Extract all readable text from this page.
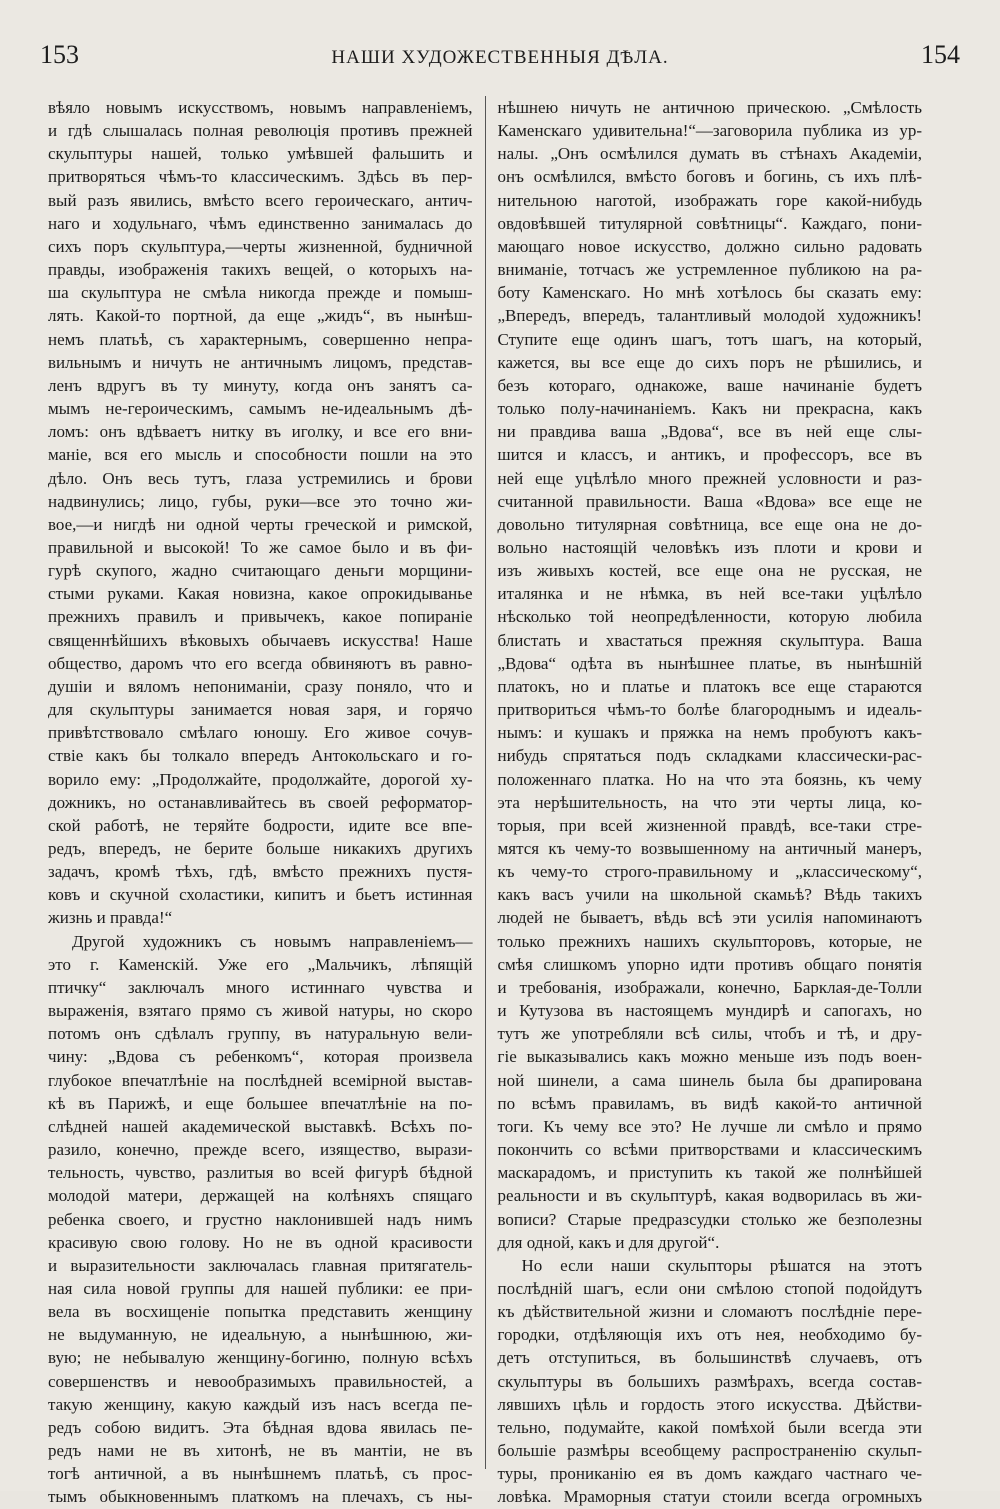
153	НАШИ ХУДОЖЕСТВЕННЫЯ ДѢЛА.	154
вѣяло новымъ искусствомъ, новымъ направленіемъ,
и гдѣ слышалась полная революція противъ прежней
скульптуры нашей, только умѣвшей фальшить и
притворяться чѣмъ-то классическимъ. Здѣсь въ пер-
вый разъ явились, вмѣсто всего героическаго, антич-
наго и ходульнаго, чѣмъ единственно занималась до
сихъ поръ скульптура,—черты жизненной, будничной
правды, изображенія такихъ вещей, о которыхъ на-
ша скульптура не смѣла никогда прежде и помыш-
лять. Какой-то портной, да еще „жидъ“, въ нынѣш-
немъ платьѣ, съ характернымъ, совершенно непра-
вильнымъ и ничуть не античнымъ лицомъ, представ-
ленъ вдругъ въ ту минуту, когда онъ занятъ са-
мымъ не-героическимъ, самымъ не-идеальнымъ дѣ-
ломъ: онъ вдѣваетъ нитку въ иголку, и все его вни-
маніе, вся его мысль и способности пошли на это
дѣло. Онъ весь тутъ, глаза устремились и брови
надвинулись; лицо, губы, руки—все это точно жи-
вое,—и нигдѣ ни одной черты греческой и римской,
правильной и высокой! То же самое было и въ фи-
гурѣ скупого, жадно считающаго деньги морщини-
стыми руками. Какая новизна, какое опрокидыванье
прежнихъ правилъ и привычекъ, какое попираніе
священнѣйшихъ вѣковыхъ обычаевъ искусства! Наше
общество, даромъ что его всегда обвиняютъ въ равно-
душіи и вяломъ непониманіи, сразу поняло, что и
для скульптуры занимается новая заря, и горячо
привѣтствовало смѣлаго юношу. Его живое сочув-
ствіе какъ бы толкало впередъ Антокольскаго и го-
ворило ему: „Продолжайте, продолжайте, дорогой ху-
дожникъ, но останавливайтесь въ своей реформатор-
ской работѣ, не теряйте бодрости, идите все впе-
редъ, впередъ, не берите больше никакихъ другихъ
задачъ, кромѣ тѣхъ, гдѣ, вмѣсто прежнихъ пустя-
ковъ и скучной схоластики, кипитъ и бьетъ истинная
жизнь и правда!“
Другой художникъ съ новымъ направленіемъ—
это г. Каменскій. Уже его „Мальчикъ, лѣпящій
птичку“ заключалъ много истиннаго чувства и
выраженія, взятаго прямо съ живой натуры, но скоро
потомъ онъ сдѣлалъ группу, въ натуральную вели-
чину: „Вдова съ ребенкомъ“, которая произвела
глубокое впечатлѣніе на послѣдней всемірной выстав-
кѣ въ Парижѣ, и еще большее впечатлѣніе на по-
слѣдней нашей академической выставкѣ. Всѣхъ по-
разило, конечно, прежде всего, изящество, вырази-
тельность, чувство, разлитыя во всей фигурѣ бѣдной
молодой матери, держащей на колѣняхъ спящаго
ребенка своего, и грустно наклонившей надъ нимъ
красивую свою голову. Но не въ одной красивости
и выразительности заключалась главная притягатель-
ная сила новой группы для нашей публики: ее при-
вела въ восхищеніе попытка представить женщину
не выдуманную, не идеальную, а нынѣшнюю, жи-
вую; не небывалую женщину-богиню, полную всѣхъ
совершенствъ и невообразимыхъ правильностей, а
такую женщину, какую каждый изъ насъ всегда пе-
редъ собою видитъ. Эта бѣдная вдова явилась пе-
редъ нами не въ хитонѣ, не въ мантіи, не въ
тогѣ античной, а въ нынѣшнемъ платьѣ, съ прос-
тымъ обыкновеннымъ платкомъ на плечахъ, съ ны-
нѣшнею ничуть не античною прическою. „Смѣлость
Каменскаго удивительна!“—заговорила публика из ур-
налы. „Онъ осмѣлился думать въ стѣнахъ Академіи,
онъ осмѣлился, вмѣсто боговъ и богинь, съ ихъ плѣ-
нительною наготой, изображать горе какой-нибудь
овдовѣвшей титулярной совѣтницы“. Каждаго, пони-
мающаго новое искусство, должно сильно радовать
вниманіе, тотчасъ же устремленное публикою на ра-
боту Каменскаго. Но мнѣ хотѣлось бы сказать ему:
„Впередъ, впередъ, талантливый молодой художникъ!
Ступите еще одинъ шагъ, тотъ шагъ, на который,
кажется, вы все еще до сихъ поръ не рѣшились, и
безъ котораго, однакоже, ваше начинаніе будетъ
только полу-начинаніемъ. Какъ ни прекрасна, какъ
ни правдива ваша „Вдова“, все въ ней еще слы-
шится и классъ, и антикъ, и профессоръ, все въ
ней еще уцѣлѣло много прежней условности и раз-
считанной правильности. Ваша «Вдова» все еще не
довольно титулярная совѣтница, все еще она не до-
вольно настоящій человѣкъ изъ плоти и крови и
изъ живыхъ костей, все еще она не русская, не
италянка и не нѣмка, въ ней все-таки уцѣлѣло
нѣсколько той неопредѣленности, которую любила
блистать и хвастаться прежняя скульптура. Ваша
„Вдова“ одѣта въ нынѣшнее платье, въ нынѣшній
платокъ, но и платье и платокъ все еще стараются
притвориться чѣмъ-то болѣе благороднымъ и идеаль-
нымъ: и кушакъ и пряжка на немъ пробуютъ какъ-
нибудь спрятаться подъ складками классически-рас-
положеннаго платка. Но на что эта боязнь, къ чему
эта нерѣшительность, на что эти черты лица, ко-
торыя, при всей жизненной правдѣ, все-таки стре-
мятся къ чему-то возвышенному на античный манеръ,
къ чему-то строго-правильному и „классическому“,
какъ васъ учили на школьной скамьѣ? Вѣдь такихъ
людей не бываетъ, вѣдь всѣ эти усилія напоминаютъ
только прежнихъ нашихъ скульпторовъ, которые, не
смѣя слишкомъ упорно идти противъ общаго понятія
и требованія, изображали, конечно, Барклая-де-Толли
и Кутузова въ настоящемъ мундирѣ и сапогахъ, но
тутъ же употребляли всѣ силы, чтобъ и тѣ, и дру-
гіе выказывались какъ можно меньше изъ подъ воен-
ной шинели, а сама шинель была бы драпирована
по всѣмъ правиламъ, въ видѣ какой-то античной
тоги. Къ чему все это? Не лучше ли смѣло и прямо
покончить со всѣми притворствами и классическимъ
маскарадомъ, и приступить къ такой же полнѣйшей
реальности и въ скульптурѣ, какая водворилась въ жи-
вописи? Старые предразсудки столько же безполезны
для одной, какъ и для другой“.
Но если наши скульпторы рѣшатся на этотъ
послѣдній шагъ, если они смѣлою стопой подойдутъ
къ дѣйствительной жизни и сломаютъ послѣдніе пере-
городки, отдѣляющія ихъ отъ нея, необходимо бу-
детъ отступиться, въ большинствѣ случаевъ, отъ
скульптуры въ большихъ размѣрахъ, всегда состав-
лявшихъ цѣль и гордость этого искусства. Дѣйстви-
тельно, подумайте, какой помѣхой были всегда эти
большіе размѣры всеобщему распространенію скульп-
туры, прониканію ея въ домъ каждаго частнаго че-
ловѣка. Мраморныя статуи стоили всегда огромныхъ
